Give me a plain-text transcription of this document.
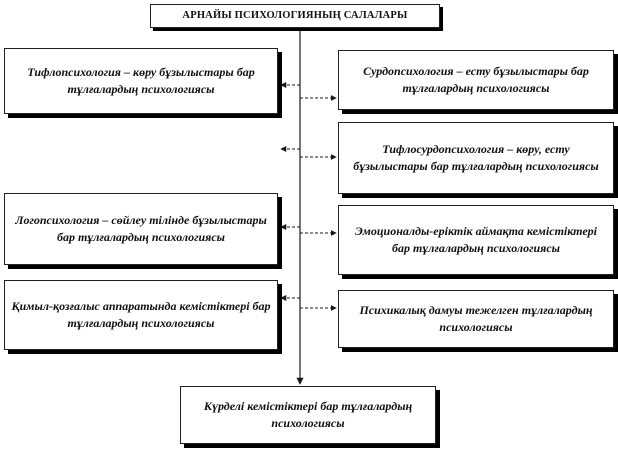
АРНАЙЫ ПСИХОЛОГИЯНЫҢ САЛАЛАРЫ
Тифлопсихология – көру бұзылыстары бар тұлғалардың психологиясы
Логопсихология – сөйлеу тілінде бұзылыстары бар тұлғалардың психологиясы
Қимыл-қозғалыс аппаратында кемістіктері бар тұлғалардың психологиясы
Сурдопсихология – есту бұзылыстары бар тұлғалардың психологиясы
Тифлосурдопсихология – көру, есту бұзылыстары бар тұлғалардың психологиясы
Эмоционалды-еріктік аймақта кемістіктері бар тұлғалардың психологиясы
Психикалық дамуы тежелген тұлғалардың психологиясы
Күрделі кемістіктері бар тұлғалардың психологиясы
